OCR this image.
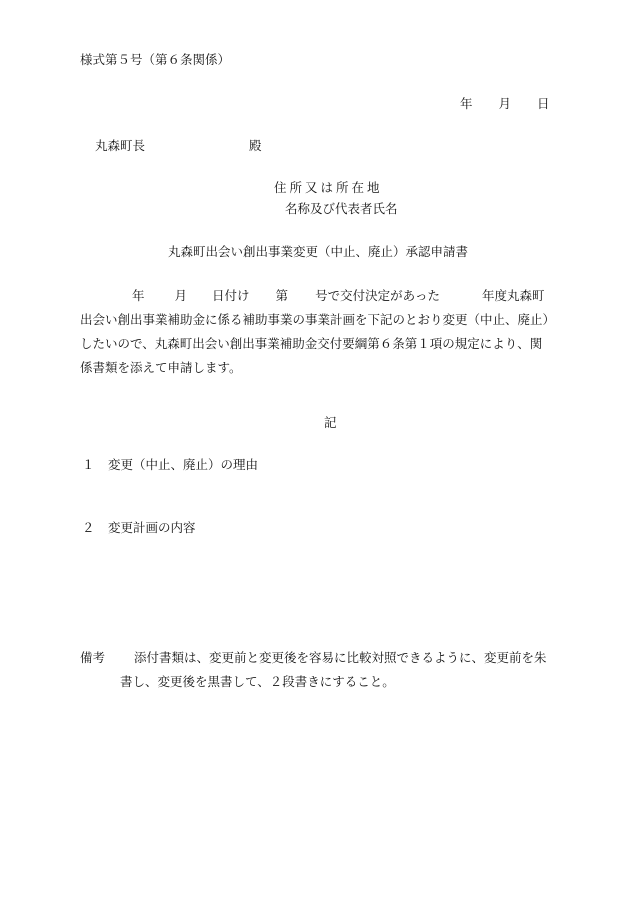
様式第５号（第６条関係）
年 月 日
丸森町長	殿
住所又は所在地
名称及び代表者氏名
丸森町出会い創出事業変更（中止、廃止）承認申請書
年 月 日付け 第 号で交付決定があった	年度丸森町
出会い創出事業補助金に係る補助事業の事業計画を下記のとおり変更（中止、廃止）
したいので、丸森町出会い創出事業補助金交付要綱第６条第１項の規定により、関
係書類を添えて申請します。
記
１ 変更（中止、廃止）の理由
２ 変更計画の内容
備考 添付書類は、変更前と変更後を容易に比較対照できるように、変更前を朱
書し、変更後を黒書して、２段書きにすること。
